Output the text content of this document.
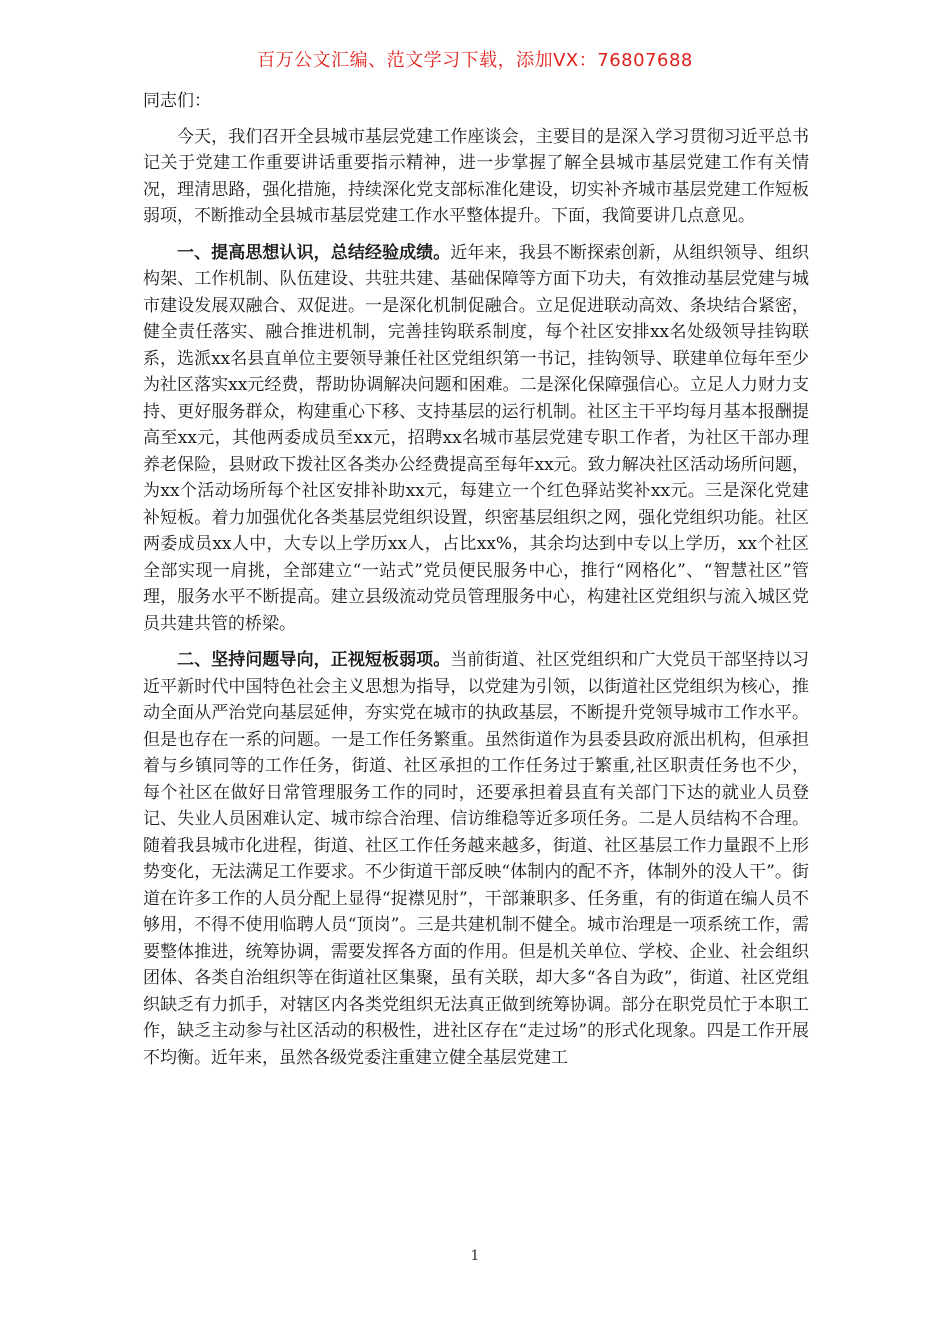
百万公文汇编、范文学习下载，添加VX：76807688

同志们：

今天，我们召开全县城市基层党建工作座谈会，主要目的是深入学习贯彻习近平总书记关于党建工作重要讲话重要指示精神，进一步掌握了解全县城市基层党建工作有关情况，理清思路，强化措施，持续深化党支部标准化建设，切实补齐城市基层党建工作短板弱项，不断推动全县城市基层党建工作水平整体提升。下面，我简要讲几点意见。

一、提高思想认识，总结经验成绩。近年来，我县不断探索创新，从组织领导、组织构架、工作机制、队伍建设、共驻共建、基础保障等方面下功夫，有效推动基层党建与城市建设发展双融合、双促进。一是深化机制促融合。立足促进联动高效、条块结合紧密，健全责任落实、融合推进机制，完善挂钩联系制度，每个社区安排xx名处级领导挂钩联系，选派xx名县直单位主要领导兼任社区党组织第一书记，挂钩领导、联建单位每年至少为社区落实xx元经费，帮助协调解决问题和困难。二是深化保障强信心。立足人力财力支持、更好服务群众，构建重心下移、支持基层的运行机制。社区主干平均每月基本报酬提高至xx元，其他两委成员至xx元，招聘xx名城市基层党建专职工作者，为社区干部办理养老保险，县财政下拨社区各类办公经费提高至每年xx元。致力解决社区活动场所问题，为xx个活动场所每个社区安排补助xx元，每建立一个红色驿站奖补xx元。三是深化党建补短板。着力加强优化各类基层党组织设置，织密基层组织之网，强化党组织功能。社区两委成员xx人中，大专以上学历xx人，占比xx%，其余均达到中专以上学历，xx个社区全部实现一肩挑，全部建立“一站式”党员便民服务中心，推行“网格化”、“智慧社区”管理，服务水平不断提高。建立县级流动党员管理服务中心，构建社区党组织与流入城区党员共建共管的桥梁。

二、坚持问题导向，正视短板弱项。当前街道、社区党组织和广大党员干部坚持以习近平新时代中国特色社会主义思想为指导，以党建为引领，以街道社区党组织为核心，推动全面从严治党向基层延伸，夯实党在城市的执政基层，不断提升党领导城市工作水平。但是也存在一系的问题。一是工作任务繁重。虽然街道作为县委县政府派出机构，但承担着与乡镇同等的工作任务，街道、社区承担的工作任务过于繁重,社区职责任务也不少，每个社区在做好日常管理服务工作的同时，还要承担着县直有关部门下达的就业人员登记、失业人员困难认定、城市综合治理、信访维稳等近多项任务。二是人员结构不合理。随着我县城市化进程，街道、社区工作任务越来越多，街道、社区基层工作力量跟不上形势变化，无法满足工作要求。不少街道干部反映“体制内的配不齐，体制外的没人干”。街道在许多工作的人员分配上显得“捉襟见肘”，干部兼职多、任务重，有的街道在编人员不够用，不得不使用临聘人员“顶岗”。三是共建机制不健全。城市治理是一项系统工作，需要整体推进，统筹协调，需要发挥各方面的作用。但是机关单位、学校、企业、社会组织团体、各类自治组织等在街道社区集聚，虽有关联，却大多“各自为政”，街道、社区党组织缺乏有力抓手，对辖区内各类党组织无法真正做到统筹协调。部分在职党员忙于本职工作，缺乏主动参与社区活动的积极性，进社区存在“走过场”的形式化现象。四是工作开展不均衡。近年来，虽然各级党委注重建立健全基层党建工

1
